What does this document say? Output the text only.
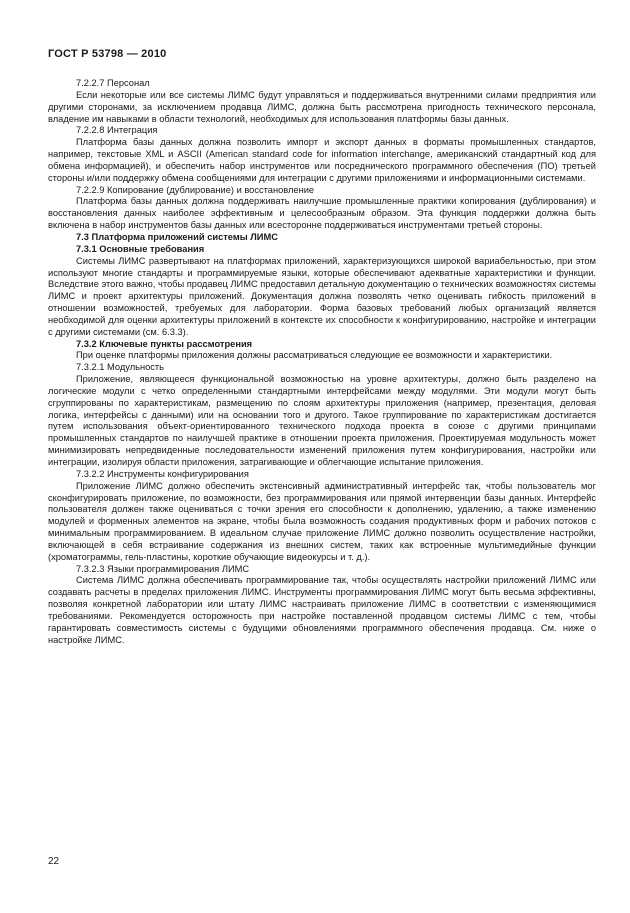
ГОСТ Р 53798 — 2010

7.2.2.7 Персонал

Если некоторые или все системы ЛИМС будут управляться и поддерживаться внутренними силами предприятия или другими сторонами, за исключением продавца ЛИМС, должна быть рассмотрена пригодность технического персонала, владение им навыками в области технологий, необходимых для использования платформы базы данных.

7.2.2.8 Интеграция

Платформа базы данных должна позволить импорт и экспорт данных в форматы промышленных стандартов, например, текстовые XML и ASCII (American standard code for information interchange, американский стандартный код для обмена информацией), и обеспечить набор инструментов или посреднического программного обеспечения (ПО) третьей стороны и/или поддержку обмена сообщениями для интеграции с другими приложениями и информационными системами.

7.2.2.9 Копирование (дублирование) и восстановление

Платформа базы данных должна поддерживать наилучшие промышленные практики копирования (дублирования) и восстановления данных наиболее эффективным и целесообразным образом. Эта функция поддержки должна быть включена в набор инструментов базы данных или всесторонне поддерживаться инструментами третьей стороны.

7.3 Платформа приложений системы ЛИМС

7.3.1 Основные требования

Системы ЛИМС развертывают на платформах приложений, характеризующихся широкой вариабельностью, при этом используют многие стандарты и программируемые языки, которые обеспечивают адекватные характеристики и функции. Вследствие этого важно, чтобы продавец ЛИМС предоставил детальную документацию о технических возможностях системы ЛИМС и проект архитектуры приложений. Документация должна позволять четко оценивать гибкость приложений в отношении возможностей, требуемых для лаборатории. Форма базовых требований любых организаций является необходимой для оценки архитектуры приложений в контексте их способности к конфигурированию, настройке и интеграции с другими системами (см. 6.3.3).

7.3.2 Ключевые пункты рассмотрения

При оценке платформы приложения должны рассматриваться следующие ее возможности и характеристики.

7.3.2.1 Модульность

Приложение, являющееся функциональной возможностью на уровне архитектуры, должно быть разделено на логические модули с четко определенными стандартными интерфейсами между модулями. Эти модули могут быть сгруппированы по характеристикам, размещению по слоям архитектуры приложения (например, презентация, деловая логика, интерфейсы с данными) или на основании того и другого. Такое группирование по характеристикам достигается путем использования объект-ориентированного технического подхода проекта в союзе с другими принципами промышленных стандартов по наилучшей практике в отношении проекта приложения. Проектируемая модульность может минимизировать непредвиденные последовательности изменений приложения путем конфигурирования, настройки или интеграции, изолируя области приложения, затрагивающие и облегчающие испытание приложения.

7.3.2.2 Инструменты конфигурирования

Приложение ЛИМС должно обеспечить экстенсивный административный интерфейс так, чтобы пользователь мог сконфигурировать приложение, по возможности, без программирования или прямой интервенции базы данных. Интерфейс пользователя должен также оцениваться с точки зрения его способности к дополнению, удалению, а также изменению модулей и форменных элементов на экране, чтобы была возможность создания продуктивных форм и рабочих потоков с минимальным программированием. В идеальном случае приложение ЛИМС должно позволить осуществление настройки, включающей в себя встраивание содержания из внешних систем, таких как встроенные мультимедийные функции (хроматограммы, гель-пластины, короткие обучающие видеокурсы и т. д.).

7.3.2.3 Языки программирования ЛИМС

Система ЛИМС должна обеспечивать программирование так, чтобы осуществлять настройки приложений ЛИМС или создавать расчеты в пределах приложения ЛИМС. Инструменты программирования ЛИМС могут быть весьма эффективны, позволяя конкретной лаборатории или штату ЛИМС настраивать приложение ЛИМС в соответствии с изменяющимися требованиями. Рекомендуется осторожность при настройке поставленной продавцом системы ЛИМС с тем, чтобы гарантировать совместимость системы с будущими обновлениями программного обеспечения продавца. См. ниже о настройке ЛИМС.

22
